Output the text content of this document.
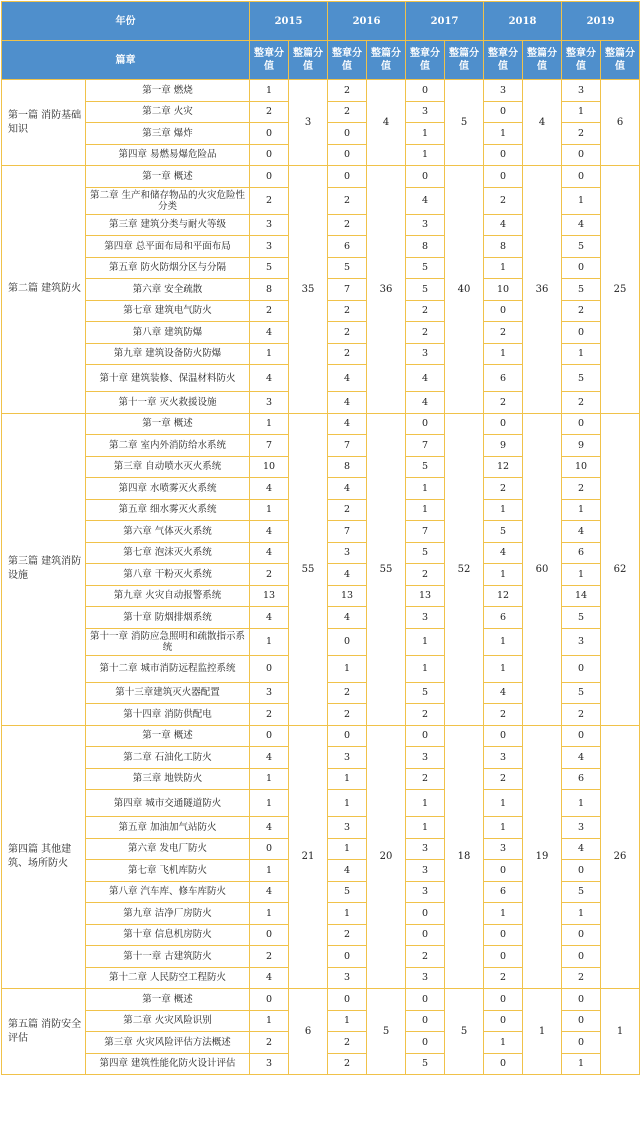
年份		2015		2016		2017		2018		2019	
篇章		整章分值	整篇分值	整章分值	整篇分值	整章分值	整篇分值	整章分值	整篇分值	整章分值	整篇分值
第一篇 消防基础知识	第一章 燃烧	1	3	2	4	0	5	3	4	3	6
	第二章 火灾	2		2		3		0		1	
	第三章 爆炸	0		0		1		1		2	
	第四章 易燃易爆危险品	0		0		1		0		0	
第二篇 建筑防火	第一章 概述	0	35	0	36	0	40	0	36	0	25
	第二章 生产和储存物品的火灾危险性分类	2		2		4		2		1	
	第三章 建筑分类与耐火等级	3		2		3		4		4	
	第四章 总平面布局和平面布局	3		6		8		8		5	
	第五章 防火防烟分区与分隔	5		5		5		1		0	
	第六章 安全疏散	8		7		5		10		5	
	第七章 建筑电气防火	2		2		2		0		2	
	第八章 建筑防爆	4		2		2		2		0	
	第九章 建筑设备防火防爆	1		2		3		1		1	
	第十章 建筑装修、保温材料防火	4		4		4		6		5	
	第十一章 灭火救援设施	3		4		4		2		2	
第三篇 建筑消防设施	第一章 概述	1	55	4	55	0	52	0	60	0	62
	第二章 室内外消防给水系统	7		7		7		9		9	
	第三章 自动喷水灭火系统	10		8		5		12		10	
	第四章 水喷雾灭火系统	4		4		1		2		2	
	第五章 细水雾灭火系统	1		2		1		1		1	
	第六章 气体灭火系统	4		7		7		5		4	
	第七章 泡沫灭火系统	4		3		5		4		6	
	第八章 干粉灭火系统	2		4		2		1		1	
	第九章 火灾自动报警系统	13		13		13		12		14	
	第十章 防烟排烟系统	4		4		3		6		5	
	第十一章 消防应急照明和疏散指示系统	1		0		1		1		3	
	第十二章 城市消防远程监控系统	0		1		1		1		0	
	第十三章建筑灭火器配置	3		2		5		4		5	
	第十四章 消防供配电	2		2		2		2		2	
第四篇 其他建筑、场所防火	第一章 概述	0	21	0	20	0	18	0	19	0	26
	第二章 石油化工防火	4		3		3		3		4	
	第三章 地铁防火	1		1		2		2		6	
	第四章 城市交通隧道防火	1		1		1		1		1	
	第五章 加油加气站防火	4		3		1		1		3	
	第六章 发电厂防火	0		1		3		3		4	
	第七章 飞机库防火	1		4		3		0		0	
	第八章 汽车库、修车库防火	4		5		3		6		5	
	第九章 洁净厂房防火	1		1		0		1		1	
	第十章 信息机房防火	0		2		0		0		0	
	第十一章 古建筑防火	2		0		2		0		0	
	第十二章 人民防空工程防火	4		3		3		2		2	
第五篇 消防安全评估	第一章 概述	0	6	0	5	0	5	0	1	0	1
	第二章 火灾风险识别	1		1		0		0		0	
	第三章 火灾风险评估方法概述	2		2		0		1		0	
	第四章 建筑性能化防火设计评估	3		2		5		0		1	
